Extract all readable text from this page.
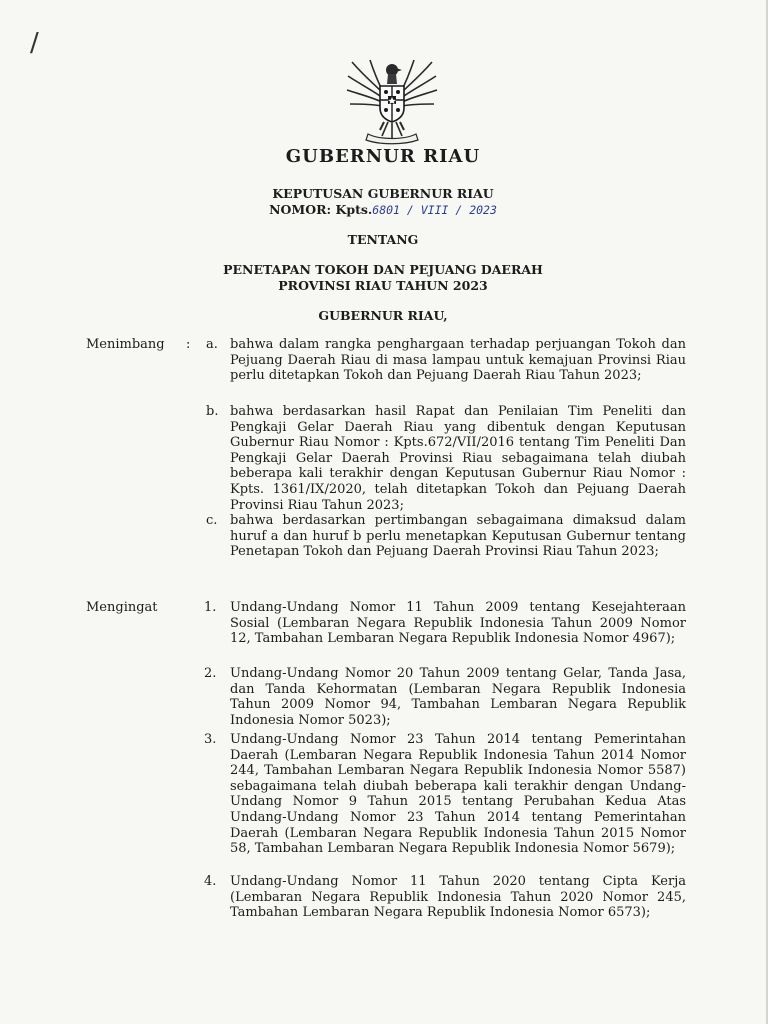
/
GUBERNUR RIAU
KEPUTUSAN GUBERNUR RIAU
NOMOR: Kpts.6801 / VIII / 2023
TENTANG
PENETAPAN TOKOH DAN PEJUANG DAERAH
PROVINSI RIAU TAHUN 2023
GUBERNUR RIAU,
Menimbang : a. bahwa dalam rangka penghargaan terhadap perjuangan Tokoh dan Pejuang Daerah Riau di masa lampau untuk kemajuan Provinsi Riau perlu ditetapkan Tokoh dan Pejuang Daerah Riau Tahun 2023;

b. bahwa berdasarkan hasil Rapat dan Penilaian Tim Peneliti dan Pengkaji Gelar Daerah Riau yang dibentuk dengan Keputusan Gubernur Riau Nomor : Kpts.672/VII/2016 tentang Tim Peneliti Dan Pengkaji Gelar Daerah Provinsi Riau sebagaimana telah diubah beberapa kali terakhir dengan Keputusan Gubernur Riau Nomor : Kpts. 1361/IX/2020, telah ditetapkan Tokoh dan Pejuang Daerah Provinsi Riau Tahun 2023;

c. bahwa berdasarkan pertimbangan sebagaimana dimaksud dalam huruf a dan huruf b perlu menetapkan Keputusan Gubernur tentang Penetapan Tokoh dan Pejuang Daerah Provinsi Riau Tahun 2023;

Mengingat	1. Undang-Undang Nomor 11 Tahun 2009 tentang Kesejahteraan Sosial (Lembaran Negara Republik Indonesia Tahun 2009 Nomor 12, Tambahan Lembaran Negara Republik Indonesia Nomor 4967);

2. Undang-Undang Nomor 20 Tahun 2009 tentang Gelar, Tanda Jasa, dan Tanda Kehormatan (Lembaran Negara Republik Indonesia Tahun 2009 Nomor 94, Tambahan Lembaran Negara Republik Indonesia Nomor 5023);

3. Undang-Undang Nomor 23 Tahun 2014 tentang Pemerintahan Daerah (Lembaran Negara Republik Indonesia Tahun 2014 Nomor 244, Tambahan Lembaran Negara Republik Indonesia Nomor 5587) sebagaimana telah diubah beberapa kali terakhir dengan Undang-Undang Nomor 9 Tahun 2015 tentang Perubahan Kedua Atas Undang-Undang Nomor 23 Tahun 2014 tentang Pemerintahan Daerah (Lembaran Negara Republik Indonesia Tahun 2015 Nomor 58, Tambahan Lembaran Negara Republik Indonesia Nomor 5679);

4. Undang-Undang Nomor 11 Tahun 2020 tentang Cipta Kerja (Lembaran Negara Republik Indonesia Tahun 2020 Nomor 245, Tambahan Lembaran Negara Republik Indonesia Nomor 6573);
